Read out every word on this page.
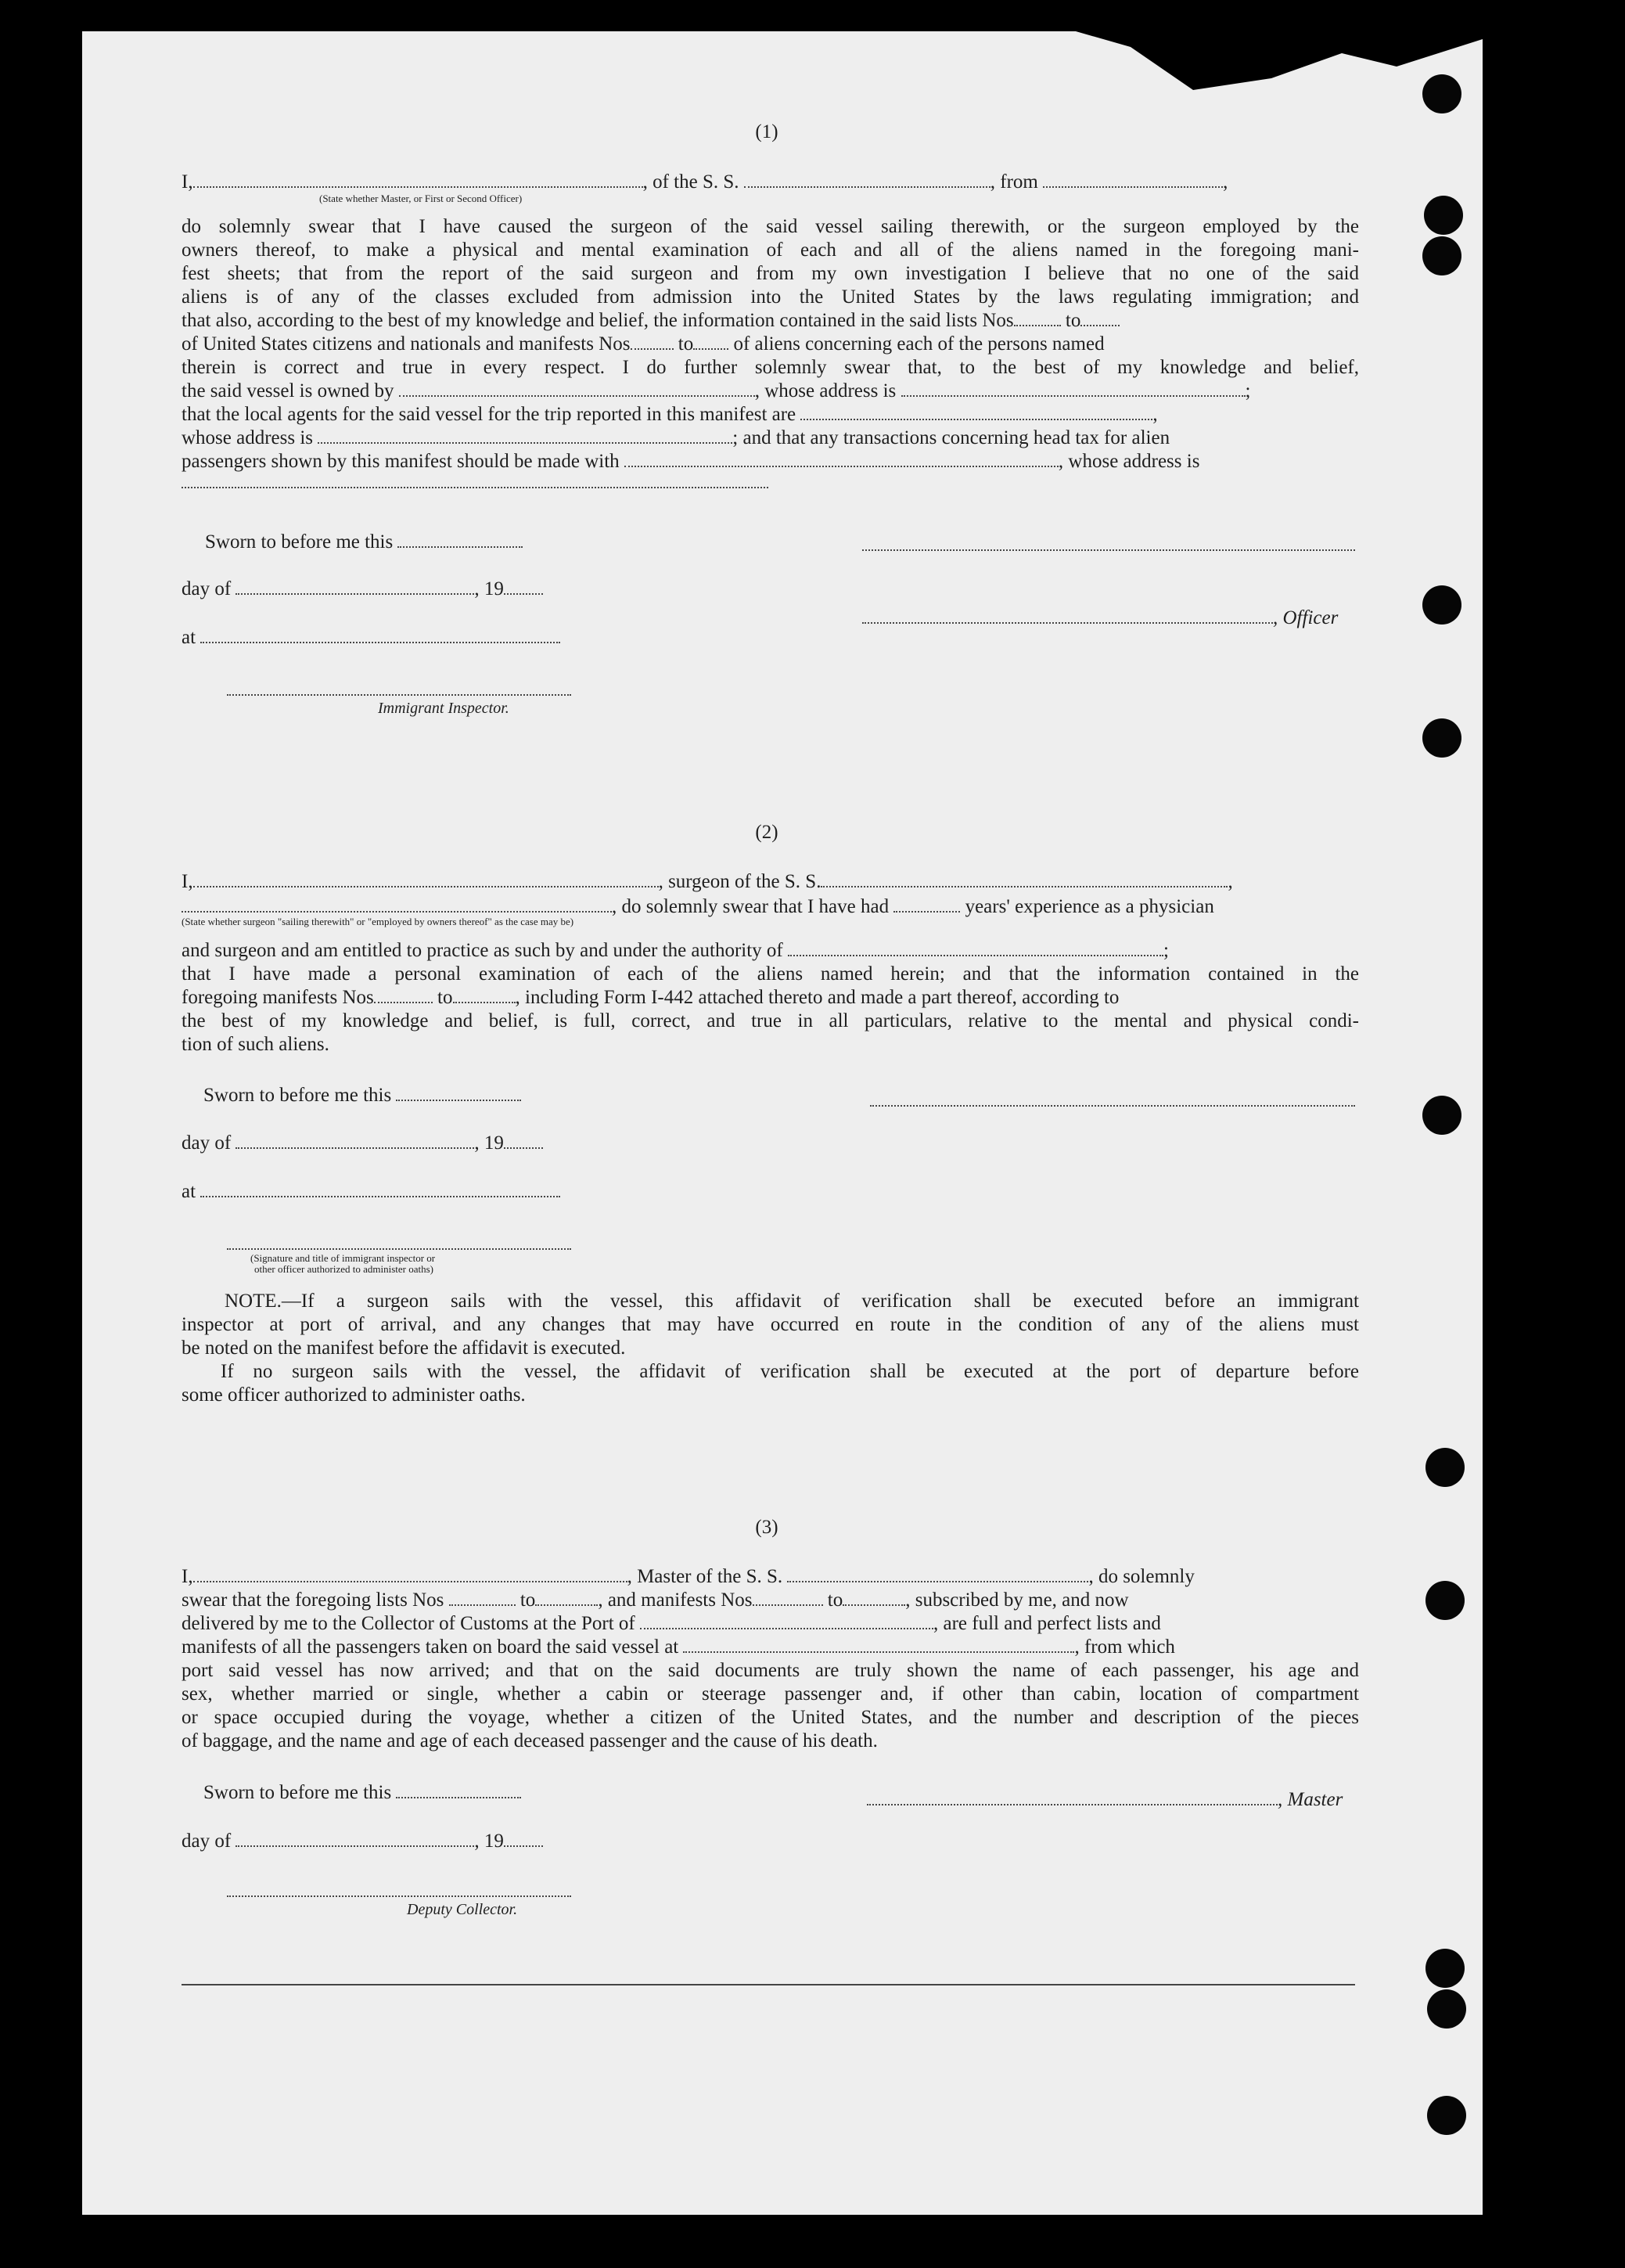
(1)
I,	, of the S. S.	, from	,
(State whether Master, or First or Second Officer)
do solemnly swear that I have caused the surgeon of the said vessel sailing therewith, or the surgeon employed by the
owners thereof, to make a physical and mental examination of each and all of the aliens named in the foregoing mani-
fest sheets; that from the report of the said surgeon and from my own investigation I believe that no one of the said
aliens is of any of the classes excluded from admission into the United States by the laws regulating immigration; and
that also, according to the best of my knowledge and belief, the information contained in the said lists Nos	to
of United States citizens and nationals and manifests Nos to of aliens concerning each of the persons named
therein is correct and true in every respect. I do further solemnly swear that, to the best of my knowledge and belief,
the said vessel is owned by	, whose address is	;
that the local agents for the said vessel for the trip reported in this manifest are	,
whose address is	; and that any transactions concerning head tax for alien
passengers shown by this manifest should be made with	, whose address is
Sworn to before me this
day of	, 19
, Officer
at
Immigrant Inspector.
(2)
I,	, surgeon of the S. S.	,
, do solemnly swear that I have had	years' experience as a physician
(State whether surgeon "sailing therewith" or "employed by owners thereof" as the case may be)
and surgeon and am entitled to practice as such by and under the authority of	;
that I have made a personal examination of each of the aliens named herein; and that the information contained in the
foregoing manifests Nos	to	, including Form I-442 attached thereto and made a part thereof, according to
the best of my knowledge and belief, is full, correct, and true in all particulars, relative to the mental and physical condi-
tion of such aliens.
Sworn to before me this
day of	, 19
at
(Signature and title of immigrant inspector or
other officer authorized to administer oaths)
NOTE.—If a surgeon sails with the vessel, this affidavit of verification shall be executed before an immigrant
inspector at port of arrival, and any changes that may have occurred en route in the condition of any of the aliens must
be noted on the manifest before the affidavit is executed.
If no surgeon sails with the vessel, the affidavit of verification shall be executed at the port of departure before
some officer authorized to administer oaths.
(3)
I,	, Master of the S. S.	, do solemnly
swear that the foregoing lists Nos	to	, and manifests Nos	to	, subscribed by me, and now
delivered by me to the Collector of Customs at the Port of	, are full and perfect lists and
manifests of all the passengers taken on board the said vessel at	, from which
port said vessel has now arrived; and that on the said documents are truly shown the name of each passenger, his age and
sex, whether married or single, whether a cabin or steerage passenger and, if other than cabin, location of compartment
or space occupied during the voyage, whether a citizen of the United States, and the number and description of the pieces
of baggage, and the name and age of each deceased passenger and the cause of his death.
Sworn to before me this	, Master
day of	, 19
Deputy Collector.
